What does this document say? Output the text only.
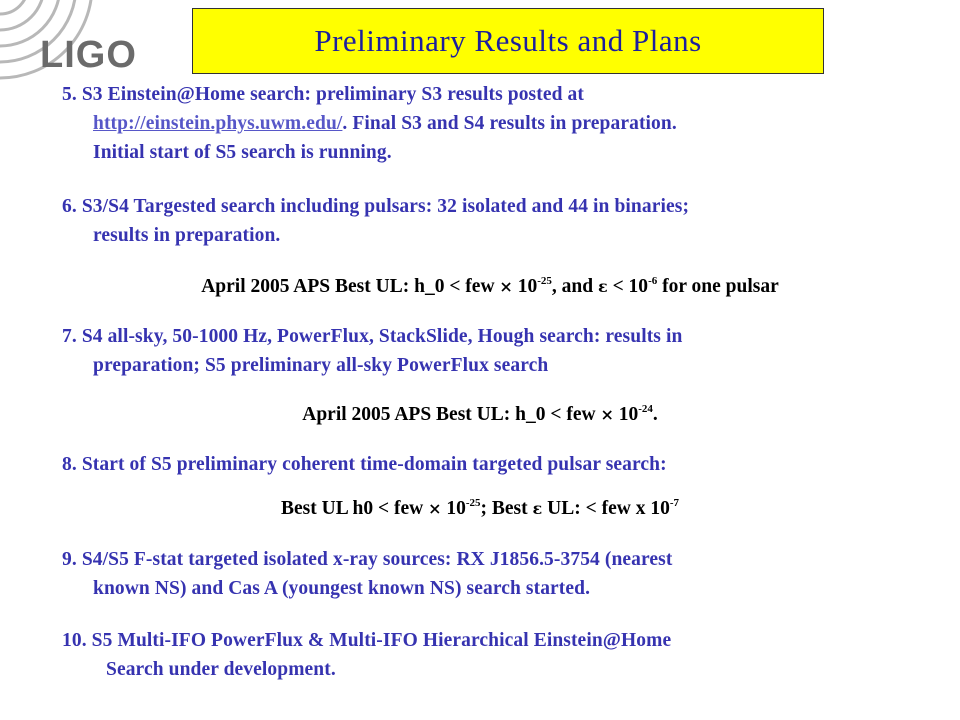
LIGO	Preliminary Results and Plans
5. S3 Einstein@Home search: preliminary S3 results posted at
http://einstein.phys.uwm.edu/. Final S3 and S4 results in preparation.
Initial start of S5 search is running.
6. S3/S4 Targested search including pulsars: 32 isolated and 44 in binaries;
results in preparation.
April 2005 APS Best UL: h_0 < few × $10^{-25}$, and $\varepsilon < 10^{-6}$ for one pulsar
7. S4 all-sky, 50-1000 Hz, PowerFlux, StackSlide, Hough search: results in
preparation; S5 preliminary all-sky PowerFlux search
April 2005 APS Best UL: h_0 < few × $10^{-24}$.
8. Start of S5 preliminary coherent time-domain targeted pulsar search:
Best UL h0 < few × $10^{-25}$; Best ε UL: < few x $10^{-7}$
9. S4/S5 F-stat targeted isolated x-ray sources: RX J1856.5-3754 (nearest
known NS) and Cas A (youngest known NS) search started.
10. S5 Multi-IFO PowerFlux & Multi-IFO Hierarchical Einstein@Home
Search under development.
